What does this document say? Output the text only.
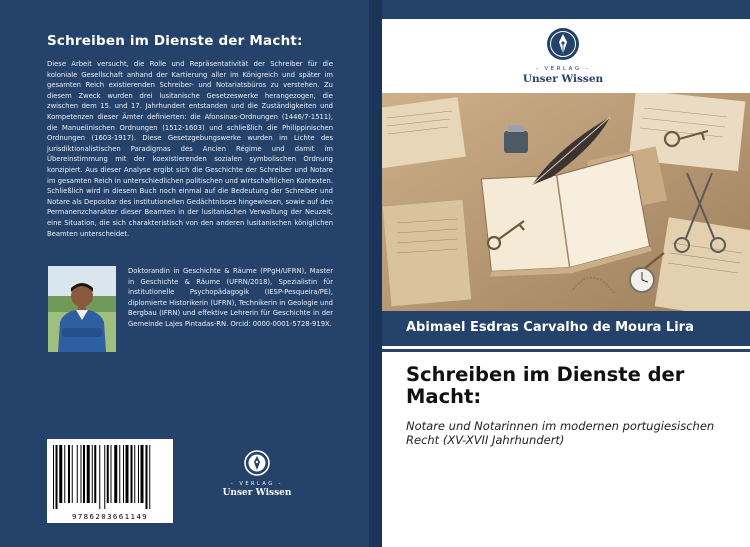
Schreiben im Dienste der Macht:
Diese Arbeit versucht, die Rolle und Repräsentativität der Schreiber für die koloniale Gesellschaft anhand der Kartierung aller im Königreich und später im gesamten Reich existierenden Schreiber- und Notariatsbüros zu verstehen. Zu diesem Zweck wurden drei lusitanische Gesetzeswerke herangezogen, die zwischen dem 15. und 17. Jahrhundert entstanden und die Zuständigkeiten und Kompetenzen dieser Ämter definierten: die Afonsinas-Ordnungen (1446/7-1511), die Manuelinischen Ordnungen (1512-1603) und schließlich die Philippinischen Ordnungen (1603-1917). Diese Gesetzgebungswerke wurden im Lichte des jurisdiktionalistischen Paradigmas des Ancien Régime und damit im Übereinstimmung mit der koexistierenden sozialen symbolischen Ordnung konzipiert. Aus dieser Analyse ergibt sich die Geschichte der Schreiber und Notare im gesamten Reich in unterschiedlichen politischen und wirtschaftlichen Kontexten. Schließlich wird in diesem Buch noch einmal auf die Bedeutung der Schreiber und Notare als Depositar des institutionellen Gedächtnisses hingewiesen, sowie auf den Permanenzcharakter dieser Beamten in der lusitanischen Verwaltung der Neuzeit, eine Situation, die sich charakteristisch von den anderen lusitanischen königlichen Beamten unterscheidet.
Doktorandin in Geschichte & Räume (PPgH/UFRN), Master in Geschichte & Räume (UFRN/2018), Spezialistin für institutionelle Psychopädagogik (IESP-Pesqueira/PE), diplomierte Historikerin (UFRN), Technikerin in Geologie und Bergbau (IFRN) und effektive Lehrerin für Geschichte in der Gemeinde Lajes Pintadas-RN. Orcid: 0000-0001-5728-919X.
9786203661149
- VERLAG -
Unser Wissen
- VERLAG -
Unser Wissen
Abimael Esdras Carvalho de Moura Lira
Schreiben im Dienste der Macht:
Notare und Notarinnen im modernen portugiesischen Recht (XV-XVII Jahrhundert)
